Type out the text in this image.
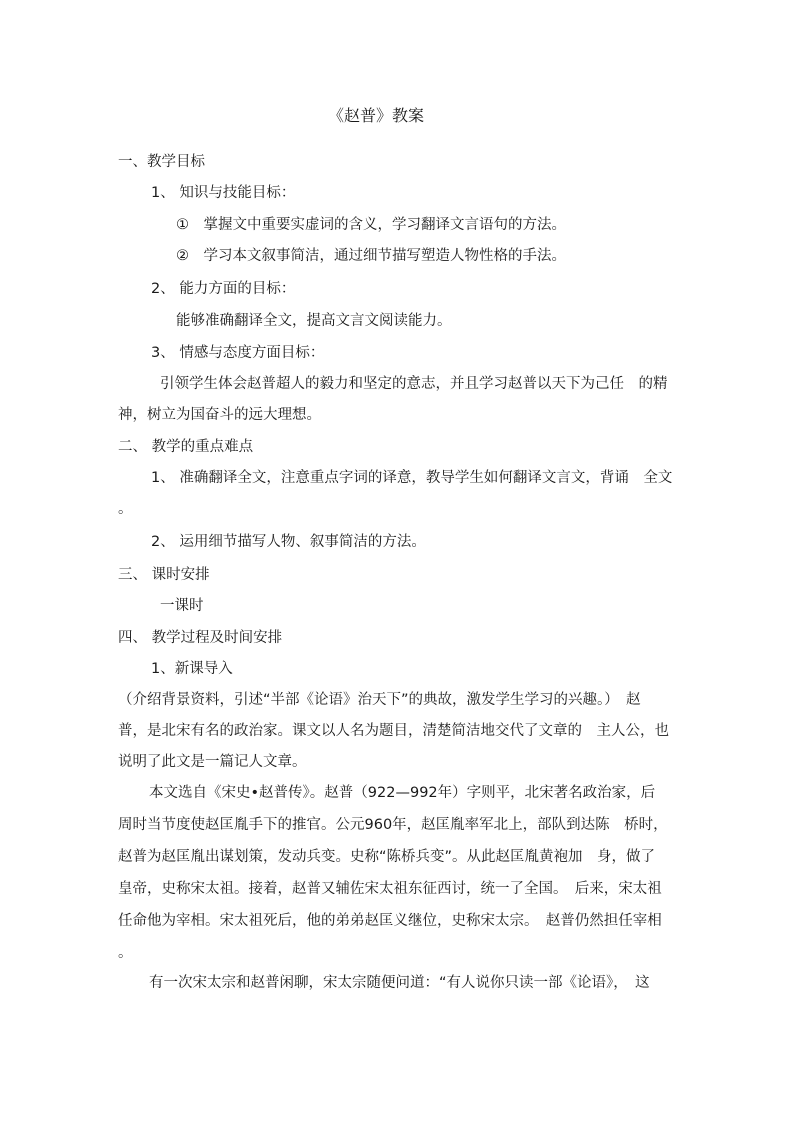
《赵普》教案
一、教学目标
1、 知识与技能目标：
①　掌握文中重要实虚词的含义，学习翻译文言语句的方法。
②　学习本文叙事简洁，通过细节描写塑造人物性格的手法。
2、 能力方面的目标：
能够准确翻译全文，提高文言文阅读能力。
3、 情感与态度方面目标：
引领学生体会赵普超人的毅力和坚定的意志，并且学习赵普以天下为己任　的精
神，树立为国奋斗的远大理想。
二、 教学的重点难点
1、 准确翻译全文，注意重点字词的译意，教导学生如何翻译文言文，背诵　全文
。
2、 运用细节描写人物、叙事简洁的方法。
三、 课时安排
一课时
四、 教学过程及时间安排
1、新课导入
（介绍背景资料，引述“半部《论语》治天下”的典故，激发学生学习的兴趣。）　赵
普，是北宋有名的政治家。课文以人名为题目，清楚简洁地交代了文章的　主人公，也
说明了此文是一篇记人文章。
本文选自《宋史•赵普传》。赵普（922—992年）字则平，北宋著名政治家，后
周时当节度使赵匡胤手下的推官。公元960年，赵匡胤率军北上，部队到达陈　桥时，
赵普为赵匡胤出谋划策，发动兵变。史称“陈桥兵变”。从此赵匡胤黄袍加　身，做了
皇帝，史称宋太祖。接着，赵普又辅佐宋太祖东征西讨，统一了全国。　后来，宋太祖
任命他为宰相。宋太祖死后，他的弟弟赵匡义继位，史称宋太宗。　赵普仍然担任宰相
。
有一次宋太宗和赵普闲聊，宋太宗随便问道：“有人说你只读一部《论语》，　这
